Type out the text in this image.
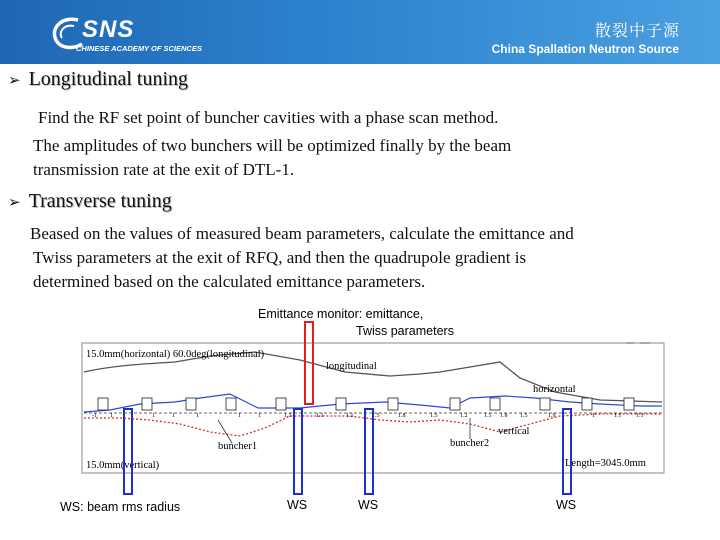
SNS
CHINESE ACADEMY OF SCIENCES
散裂中子源
China Spallation Neutron Source
➢ Longitudinal tuning
Find the RF set point of buncher cavities with a phase scan method.
The amplitudes of two bunchers will be optimized finally by the beam
transmission rate at the exit of DTL-1.
➢ Transverse tuning
Beased on the values of measured beam parameters, calculate the emittance and
Twiss parameters at the exit of RFQ, and then the quadrupole gradient is
determined based on the calculated emittance parameters.
Emittance monitor: emittance,
Twiss parameters
-1 1	1	1	1	1	1	1.1	1.1	1.1	1.5	1.8	1.5	1.2	1.5 1.8 1.5	1.9 1	1	1.1 1.1
15.0mm(horizontal) 60.0deg(longitudinal)
15.0mm(vertical)
longitudinal
horizontal
vertical
buncher1	buncher2
Length=3045.0mm
WS: beam rms radius	WS	WS	WS
